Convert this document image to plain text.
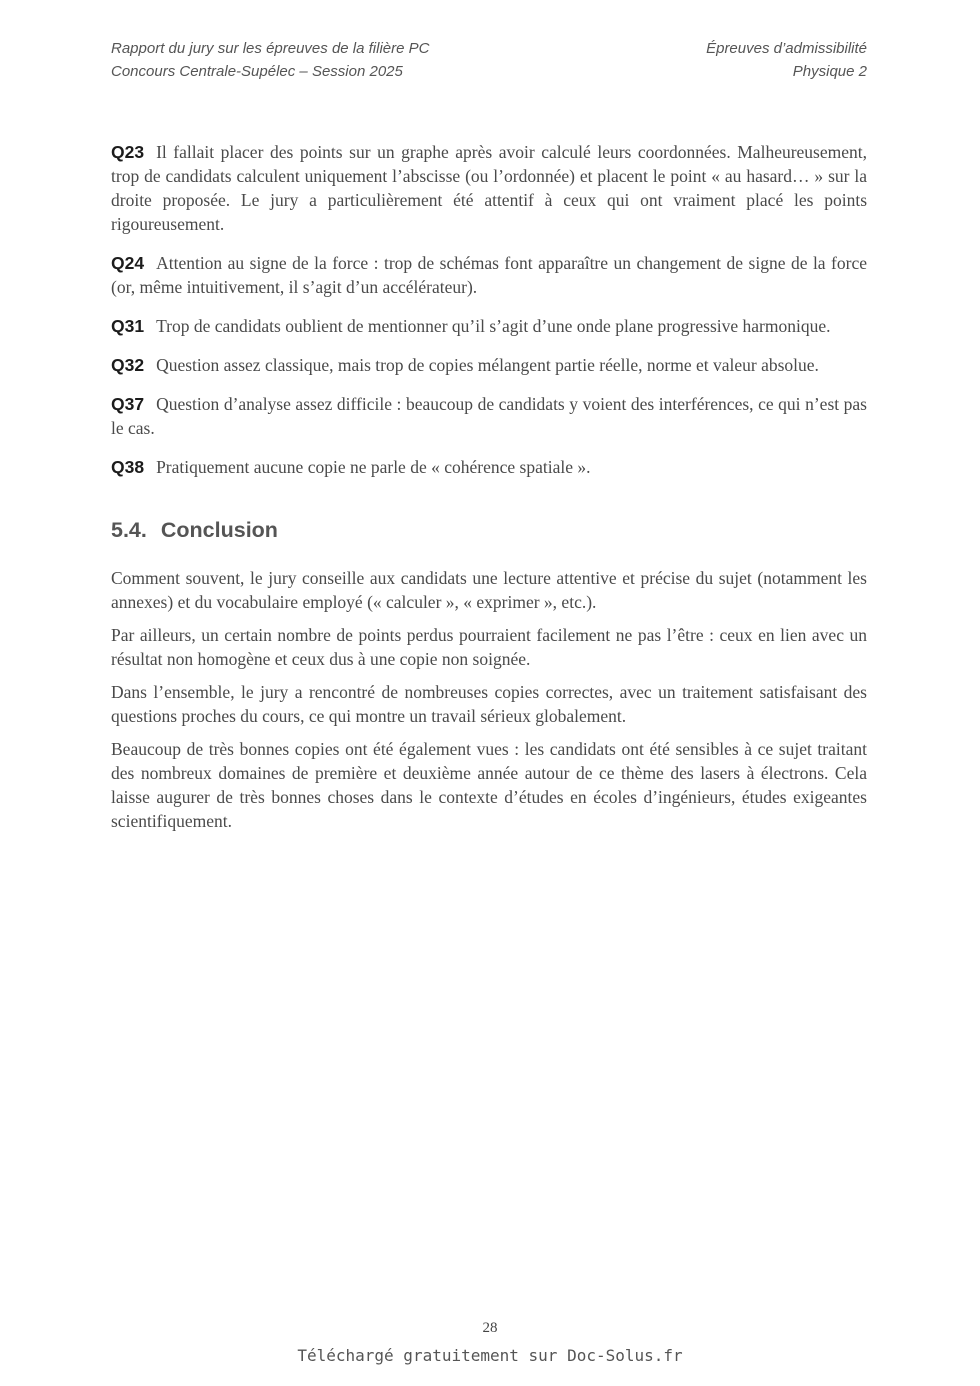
Rapport du jury sur les épreuves de la filière PC
Concours Centrale-Supélec – Session 2025
Épreuves d’admissibilité
Physique 2

Q23 Il fallait placer des points sur un graphe après avoir calculé leurs coordonnées. Malheureusement, trop de candidats calculent uniquement l’abscisse (ou l’ordonnée) et placent le point « au hasard… » sur la droite proposée. Le jury a particulièrement été attentif à ceux qui ont vraiment placé les points rigoureusement.

Q24 Attention au signe de la force : trop de schémas font apparaître un changement de signe de la force (or, même intuitivement, il s’agit d’un accélérateur).

Q31 Trop de candidats oublient de mentionner qu’il s’agit d’une onde plane progressive harmonique.

Q32 Question assez classique, mais trop de copies mélangent partie réelle, norme et valeur absolue.

Q37 Question d’analyse assez difficile : beaucoup de candidats y voient des interférences, ce qui n’est pas le cas.

Q38 Pratiquement aucune copie ne parle de « cohérence spatiale ».

5.4. Conclusion

Comment souvent, le jury conseille aux candidats une lecture attentive et précise du sujet (notamment les annexes) et du vocabulaire employé (« calculer », « exprimer », etc.).

Par ailleurs, un certain nombre de points perdus pourraient facilement ne pas l’être : ceux en lien avec un résultat non homogène et ceux dus à une copie non soignée.

Dans l’ensemble, le jury a rencontré de nombreuses copies correctes, avec un traitement satisfaisant des questions proches du cours, ce qui montre un travail sérieux globalement.

Beaucoup de très bonnes copies ont été également vues : les candidats ont été sensibles à ce sujet traitant des nombreux domaines de première et deuxième année autour de ce thème des lasers à électrons. Cela laisse augurer de très bonnes choses dans le contexte d’études en écoles d’ingénieurs, études exigeantes scientifiquement.

28
Téléchargé gratuitement sur Doc-Solus.fr
